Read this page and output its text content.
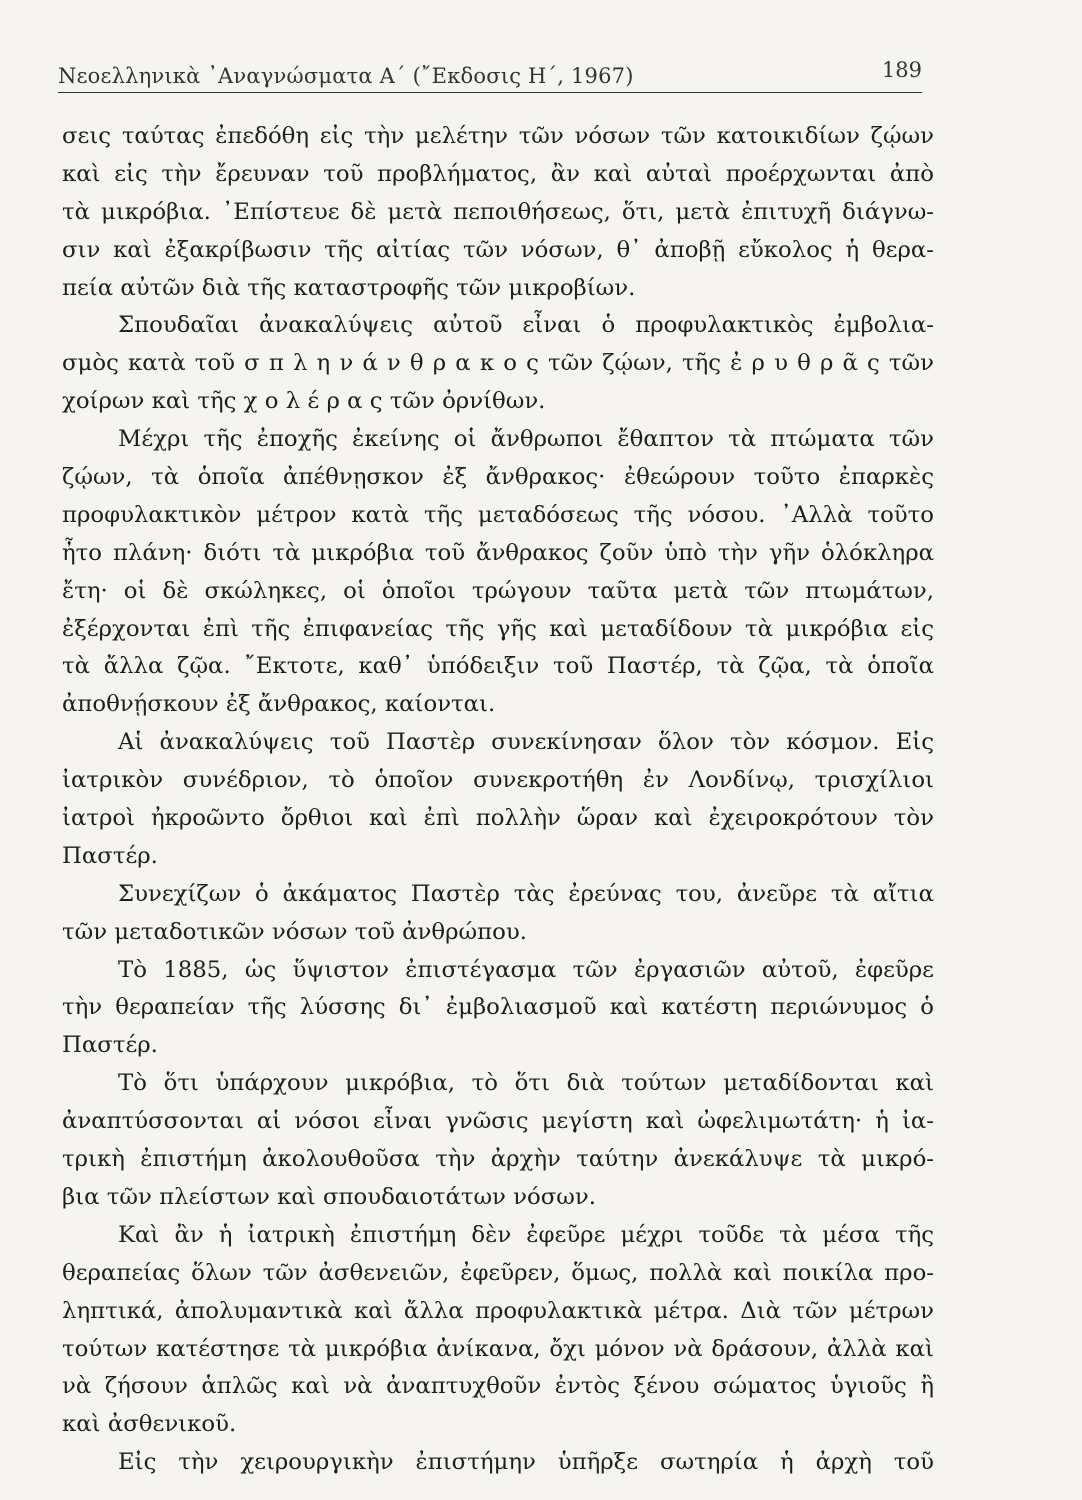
Νεοελληνικὰ ᾿Αναγνώσματα Α΄ (῎Εκδοσις Η΄, 1967)	189
σεις ταύτας ἐπεδόθη εἰς τὴν μελέτην τῶν νόσων τῶν κατοικιδίων ζῴων
καὶ εἰς τὴν ἔρευναν τοῦ προβλήματος, ἂν καὶ αὐταὶ προέρχωνται ἀπὸ
τὰ μικρόβια. ᾿Επίστευε δὲ μετὰ πεποιθήσεως, ὅτι, μετὰ ἐπιτυχῆ διάγνω-
σιν καὶ ἐξακρίβωσιν τῆς αἰτίας τῶν νόσων, θ᾿ ἀποβῇ εὔκολος ἡ θερα-
πεία αὐτῶν διὰ τῆς καταστροφῆς τῶν μικροβίων.
Σπουδαῖαι ἀνακαλύψεις αὐτοῦ εἶναι ὁ προφυλακτικὸς ἐμβολια-
σμὸς κατὰ τοῦ σ π λ η ν ά ν θ ρ α κ ο ς τῶν ζῴων, τῆς ἐ ρ υ θ ρ ᾶ ς τῶν
χοίρων καὶ τῆς χ ο λ έ ρ α ς τῶν ὀρνίθων.
Μέχρι τῆς ἐποχῆς ἐκείνης οἱ ἄνθρωποι ἔθαπτον τὰ πτώματα τῶν
ζῴων, τὰ ὁποῖα ἀπέθνῃσκον ἐξ ἄνθρακος· ἐθεώρουν τοῦτο ἐπαρκὲς
προφυλακτικὸν μέτρον κατὰ τῆς μεταδόσεως τῆς νόσου. ᾿Αλλὰ τοῦτο
ἦτο πλάνη· διότι τὰ μικρόβια τοῦ ἄνθρακος ζοῦν ὑπὸ τὴν γῆν ὁλόκληρα
ἔτη· οἱ δὲ σκώληκες, οἱ ὁποῖοι τρώγουν ταῦτα μετὰ τῶν πτωμάτων,
ἐξέρχονται ἐπὶ τῆς ἐπιφανείας τῆς γῆς καὶ μεταδίδουν τὰ μικρόβια εἰς
τὰ ἄλλα ζῷα. ῎Εκτοτε, καθ᾿ ὑπόδειξιν τοῦ Παστέρ, τὰ ζῷα, τὰ ὁποῖα
ἀποθνῄσκουν ἐξ ἄνθρακος, καίονται.
Αἱ ἀνακαλύψεις τοῦ Παστὲρ συνεκίνησαν ὅλον τὸν κόσμον. Εἰς
ἰατρικὸν συνέδριον, τὸ ὁποῖον συνεκροτήθη ἐν Λονδίνῳ, τρισχίλιοι
ἰατροὶ ἠκροῶντο ὄρθιοι καὶ ἐπὶ πολλὴν ὥραν καὶ ἐχειροκρότουν τὸν
Παστέρ.
Συνεχίζων ὁ ἀκάματος Παστὲρ τὰς ἐρεύνας του, ἀνεῦρε τὰ αἴτια
τῶν μεταδοτικῶν νόσων τοῦ ἀνθρώπου.
Τὸ 1885, ὡς ὕψιστον ἐπιστέγασμα τῶν ἐργασιῶν αὐτοῦ, ἐφεῦρε
τὴν θεραπείαν τῆς λύσσης δι᾿ ἐμβολιασμοῦ καὶ κατέστη περιώνυμος ὁ
Παστέρ.
Τὸ ὅτι ὑπάρχουν μικρόβια, τὸ ὅτι διὰ τούτων μεταδίδονται καὶ
ἀναπτύσσονται αἱ νόσοι εἶναι γνῶσις μεγίστη καὶ ὠφελιμωτάτη· ἡ ἰα-
τρικὴ ἐπιστήμη ἀκολουθοῦσα τὴν ἀρχὴν ταύτην ἀνεκάλυψε τὰ μικρό-
βια τῶν πλείστων καὶ σπουδαιοτάτων νόσων.
Καὶ ἂν ἡ ἰατρικὴ ἐπιστήμη δὲν ἐφεῦρε μέχρι τοῦδε τὰ μέσα τῆς
θεραπείας ὅλων τῶν ἀσθενειῶν, ἐφεῦρεν, ὅμως, πολλὰ καὶ ποικίλα προ-
ληπτικά, ἀπολυμαντικὰ καὶ ἄλλα προφυλακτικὰ μέτρα. Διὰ τῶν μέτρων
τούτων κατέστησε τὰ μικρόβια ἀνίκανα, ὄχι μόνον νὰ δράσουν, ἀλλὰ καὶ
νὰ ζήσουν ἁπλῶς καὶ νὰ ἀναπτυχθοῦν ἐντὸς ξένου σώματος ὑγιοῦς ἢ
καὶ ἀσθενικοῦ.
Εἰς τὴν χειρουργικὴν ἐπιστήμην ὑπῆρξε σωτηρία ἡ ἀρχὴ τοῦ
